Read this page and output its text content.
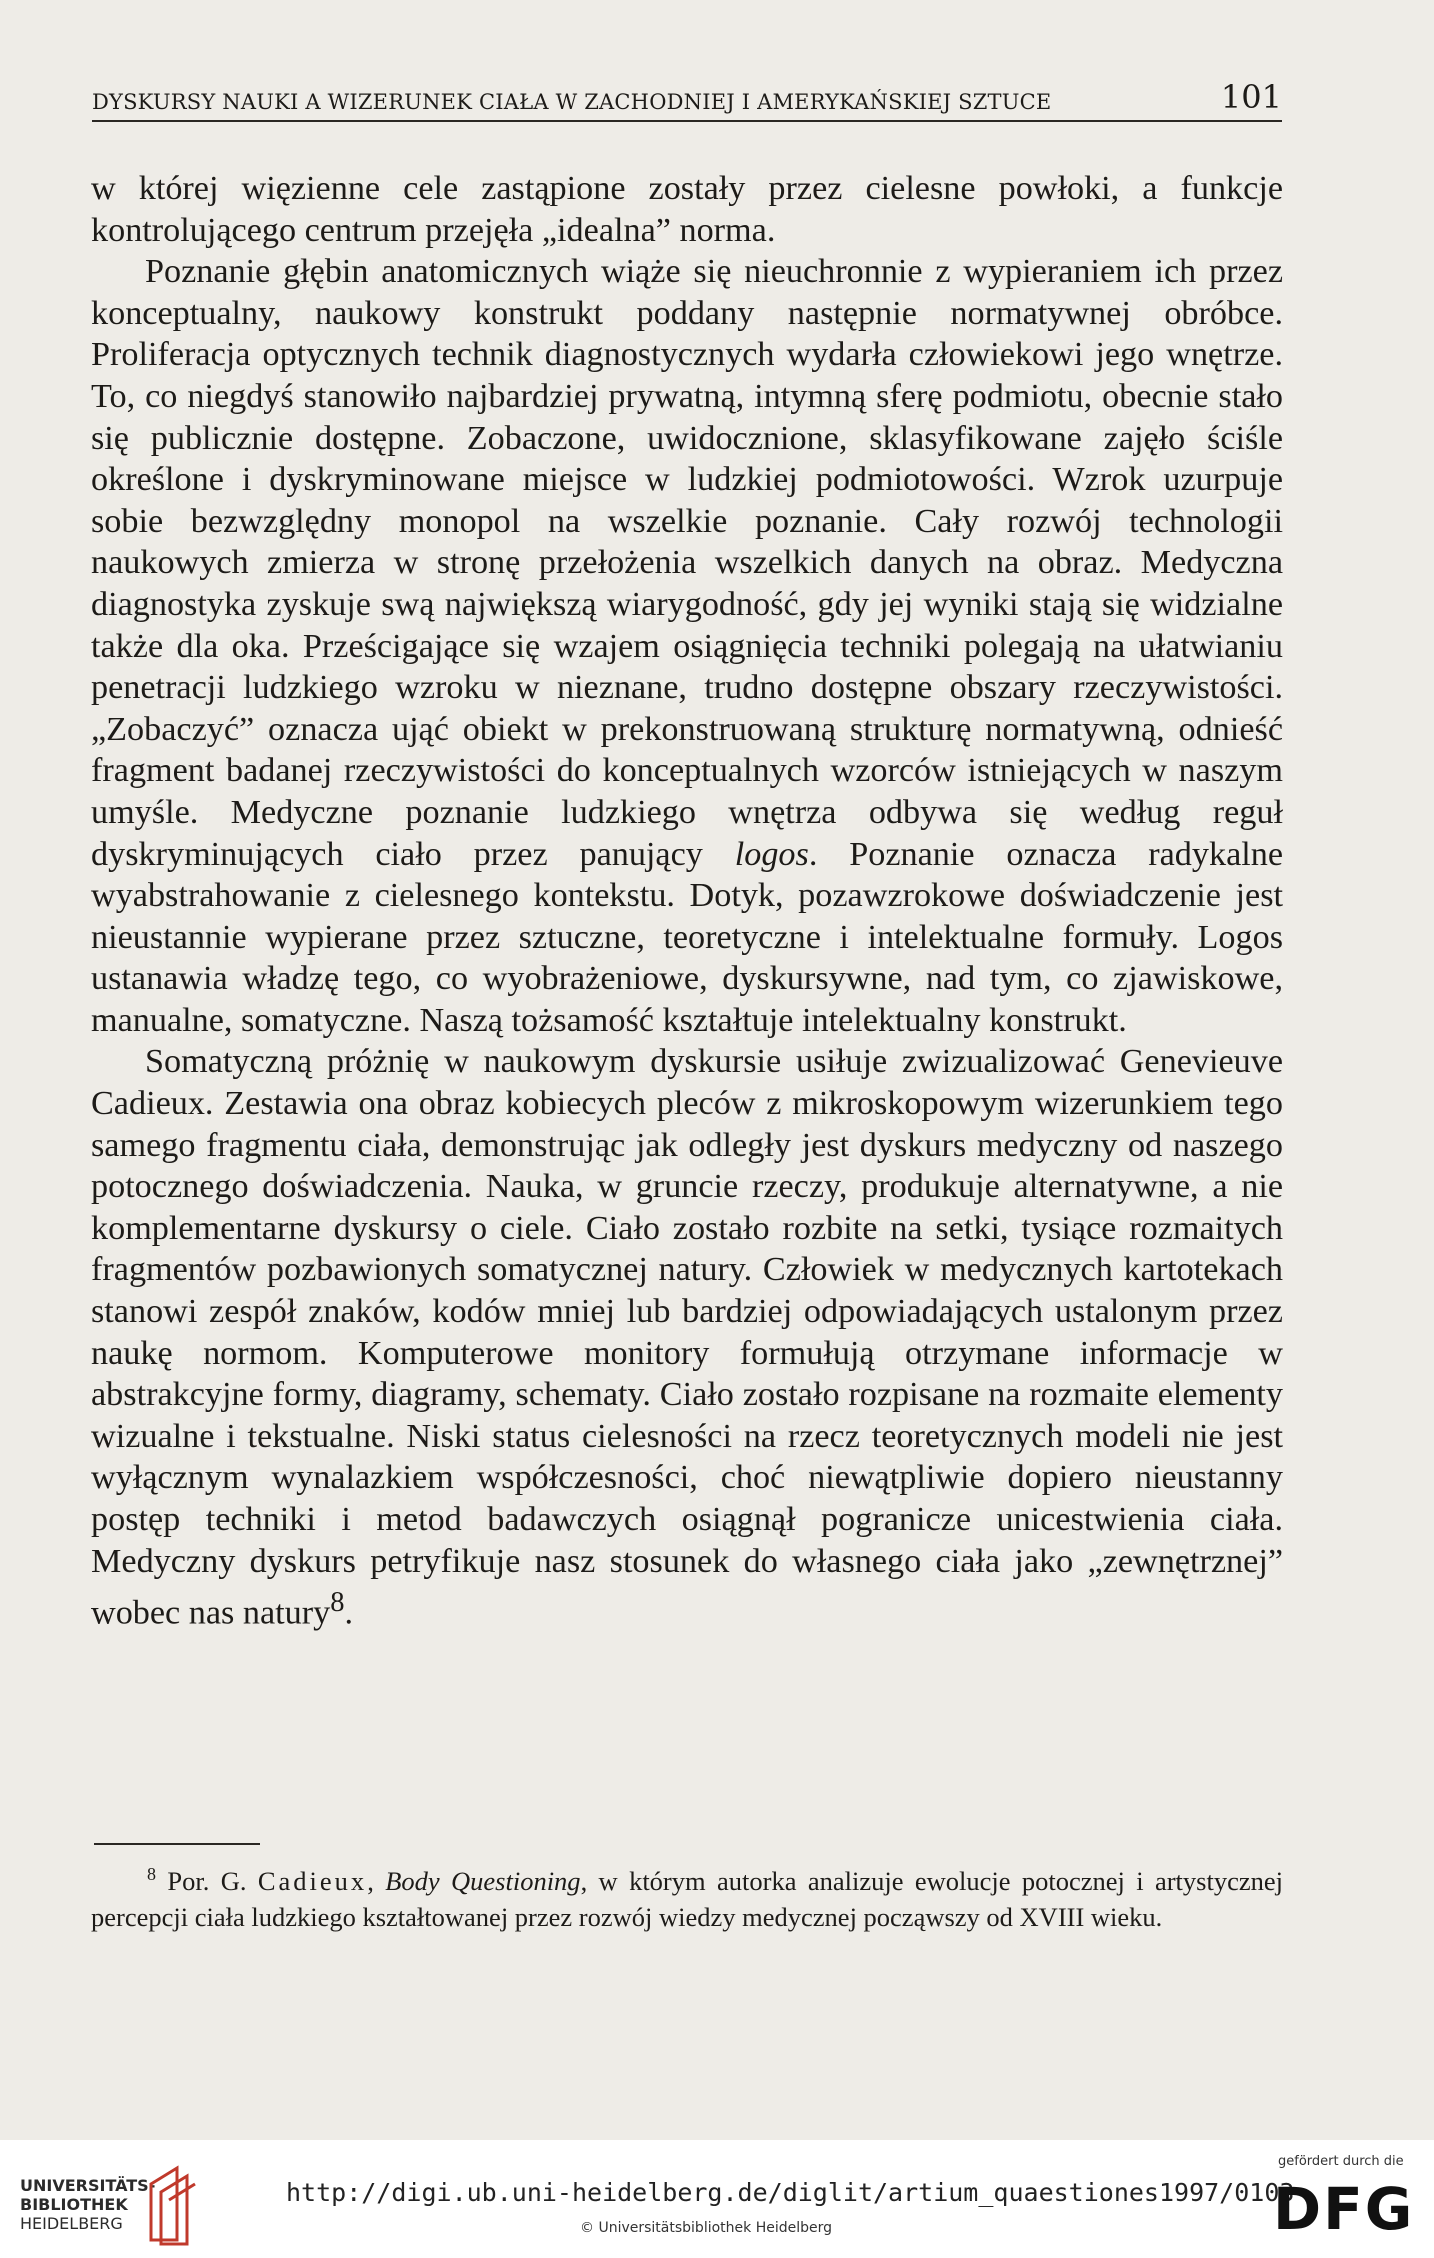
DYSKURSY NAUKI A WIZERUNEK CIAŁA W ZACHODNIEJ I AMERYKAŃSKIEJ SZTUCE	101

w której więzienne cele zastąpione zostały przez cielesne powłoki, a funkcje kontrolującego centrum przejęła „idealna” norma.

Poznanie głębin anatomicznych wiąże się nieuchronnie z wypieraniem ich przez konceptualny, naukowy konstrukt poddany następnie normatywnej obróbce. Proliferacja optycznych technik diagnostycznych wydarła człowiekowi jego wnętrze. To, co niegdyś stanowiło najbardziej prywatną, intymną sferę podmiotu, obecnie stało się publicznie dostępne. Zobaczone, uwidocznione, sklasyfikowane zajęło ściśle określone i dyskryminowane miejsce w ludzkiej podmiotowości. Wzrok uzurpuje sobie bezwzględny monopol na wszelkie poznanie. Cały rozwój technologii naukowych zmierza w stronę przełożenia wszelkich danych na obraz. Medyczna diagnostyka zyskuje swą największą wiarygodność, gdy jej wyniki stają się widzialne także dla oka. Prześcigające się wzajem osiągnięcia techniki polegają na ułatwianiu penetracji ludzkiego wzroku w nieznane, trudno dostępne obszary rzeczywistości. „Zobaczyć” oznacza ująć obiekt w prekonstruowaną strukturę normatywną, odnieść fragment badanej rzeczywistości do konceptualnych wzorców istniejących w naszym umyśle. Medyczne poznanie ludzkiego wnętrza odbywa się według reguł dyskryminujących ciało przez panujący logos. Poznanie oznacza radykalne wyabstrahowanie z cielesnego kontekstu. Dotyk, pozawzrokowe doświadczenie jest nieustannie wypierane przez sztuczne, teoretyczne i intelektualne formuły. Logos ustanawia władzę tego, co wyobrażeniowe, dyskursywne, nad tym, co zjawiskowe, manualne, somatyczne. Naszą tożsamość kształtuje intelektualny konstrukt.

Somatyczną próżnię w naukowym dyskursie usiłuje zwizualizować Genevieuve Cadieux. Zestawia ona obraz kobiecych pleców z mikroskopowym wizerunkiem tego samego fragmentu ciała, demonstrując jak odległy jest dyskurs medyczny od naszego potocznego doświadczenia. Nauka, w gruncie rzeczy, produkuje alternatywne, a nie komplementarne dyskursy o ciele. Ciało zostało rozbite na setki, tysiące rozmaitych fragmentów pozbawionych somatycznej natury. Człowiek w medycznych kartotekach stanowi zespół znaków, kodów mniej lub bardziej odpowiadających ustalonym przez naukę normom. Komputerowe monitory formułują otrzymane informacje w abstrakcyjne formy, diagramy, schematy. Ciało zostało rozpisane na rozmaite elementy wizualne i tekstualne. Niski status cielesności na rzecz teoretycznych modeli nie jest wyłącznym wynalazkiem współczesności, choć niewątpliwie dopiero nieustanny postęp techniki i metod badawczych osiągnął pogranicze unicestwienia ciała. Medyczny dyskurs petryfikuje nasz stosunek do własnego ciała jako „zewnętrznej” wobec nas natury$^8$.

$^8$ Por. G. Cadieux, Body Questioning, w którym autorka analizuje ewolucje potocznej i artystycznej percepcji ciała ludzkiego kształtowanej przez rozwój wiedzy medycznej począwszy od XVIII wieku.
UNIVERSITÄTS-
BIBLIOTHEK
HEIDELBERG
http://digi.ub.uni-heidelberg.de/diglit/artium_quaestiones1997/0103
© Universitätsbibliothek Heidelberg
gefördert durch die
DFG
